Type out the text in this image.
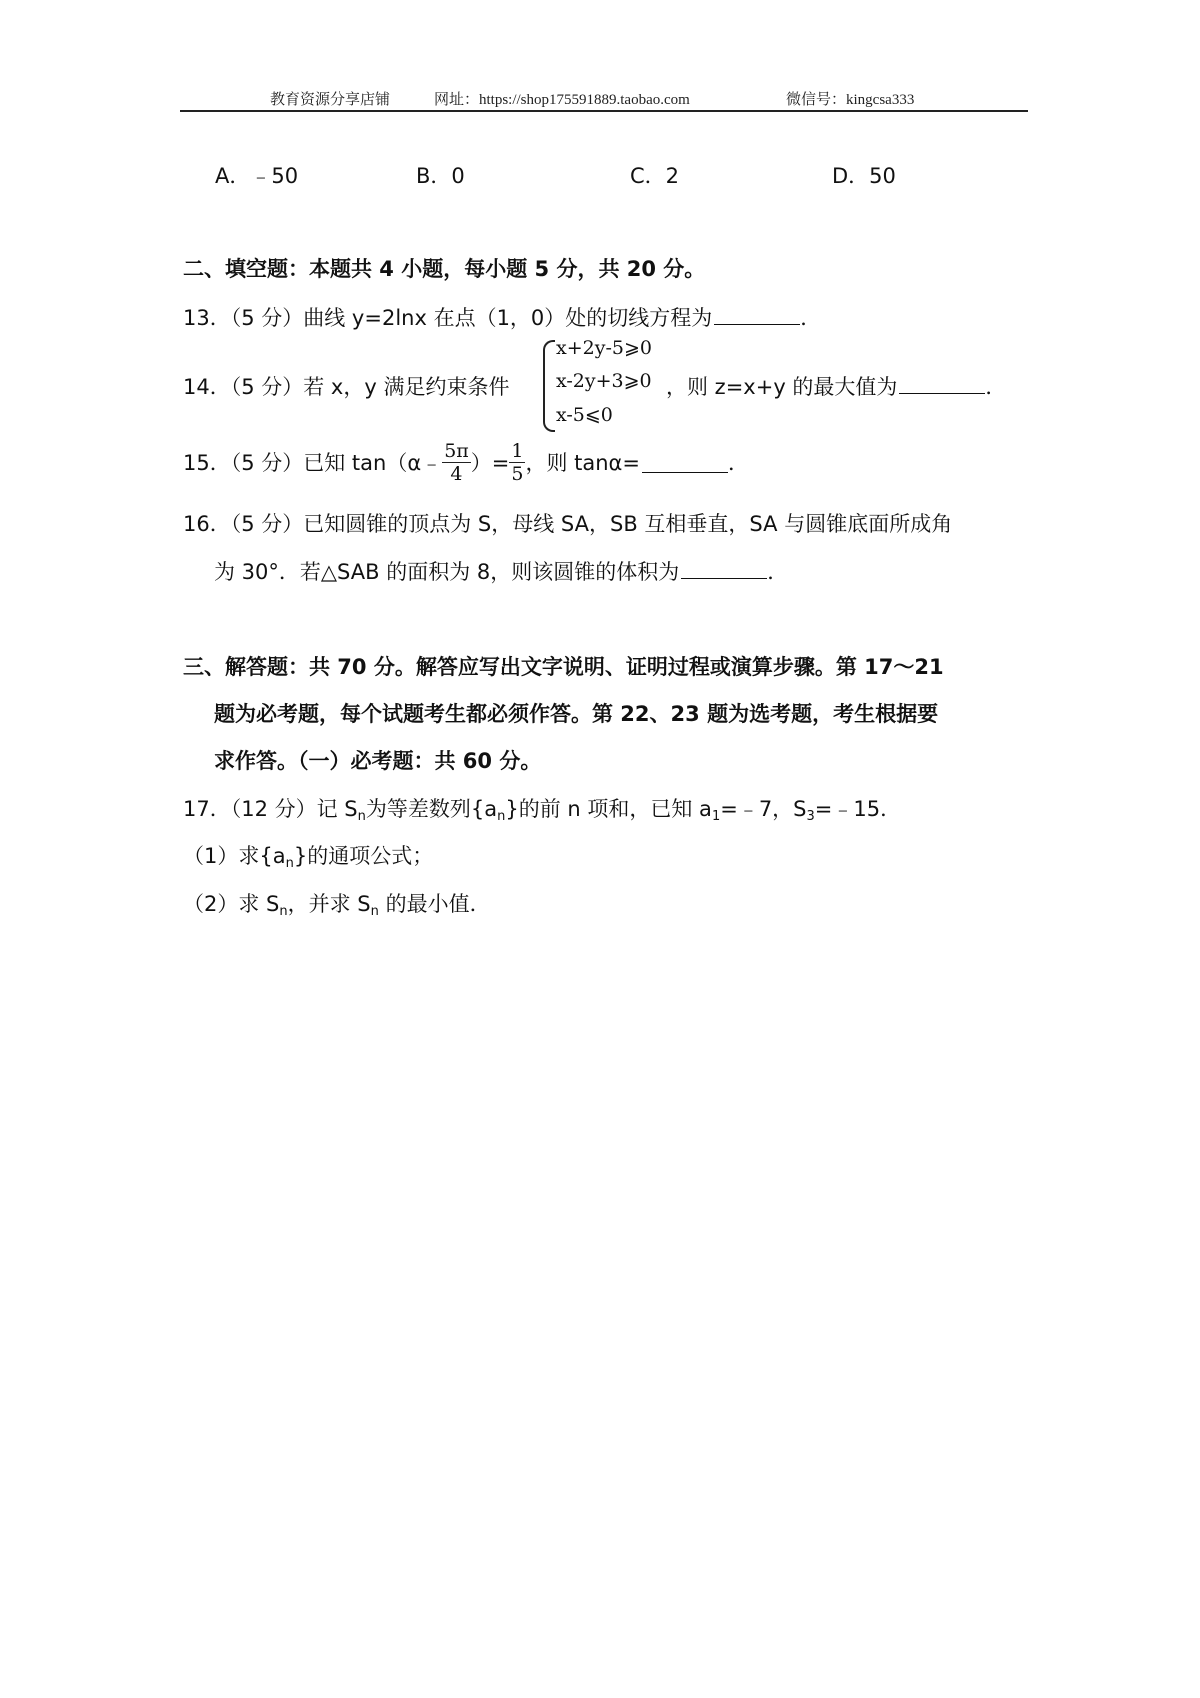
教育资源分享店铺	网址：https://shop175591889.taobao.com	微信号：kingcsa333
A．﹣50	B．0	C．2	D．50
二、填空题：本题共 4 小题，每小题 5 分，共 20 分。
13．（5 分）曲线 y=2lnx 在点（1，0）处的切线方程为	．
14．（5 分）若 x，y 满足约束条件
x+2y-5⩾0
x-2y+3⩾0
x-5⩽0
，则 z=x+y 的最大值为	．
15．（5 分）已知 tan（α﹣ $\frac{5\pi}{4}$ ）= $\frac{1}{5}$ ，则 tanα=	．
16．（5 分）已知圆锥的顶点为 S，母线 SA，SB 互相垂直，SA 与圆锥底面所成角
为 30°．若△SAB 的面积为 8，则该圆锥的体积为	．
三、解答题：共 70 分。解答应写出文字说明、证明过程或演算步骤。第 17～21
题为必考题，每个试题考生都必须作答。第 22、23 题为选考题，考生根据要
求作答。（一）必考题：共 60 分。
17．（12 分）记 $S_n$为等差数列$\{a_n\}$的前 n 项和，已知 $a_1=﹣7$，$S_3=﹣15$．
（1）求$\{a_n\}$的通项公式；
（2）求 $S_n$，并求 $S_n$ 的最小值．
